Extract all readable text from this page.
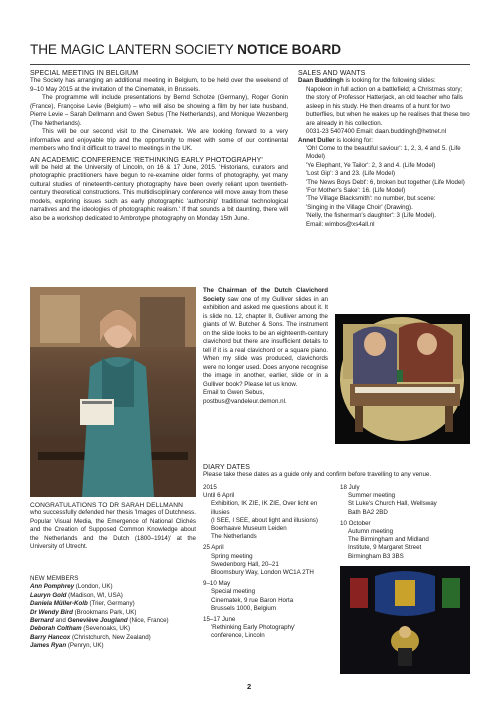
THE MAGIC LANTERN SOCIETY NOTICE BOARD

SPECIAL MEETING IN BELGIUM

The Society has arranging an additional meeting in Belgium, to be held over the weekend of 9–10 May 2015 at the invitation of the Cinematek, in Brussels.

The programme will include presentations by Bernd Scholze (Germany), Roger Gonin (France), Françoise Levie (Belgium) – who will also be showing a film by her late husband, Pierre Levie – Sarah Dellmann and Gwen Sebus (The Netherlands), and Monique Wezenberg (The Netherlands).

This will be our second visit to the Cinematek. We are looking forward to a very informative and enjoyable trip and the opportunity to meet with some of our continental members who find it difficult to travel to meetings in the UK.

AN ACADEMIC CONFERENCE 'RETHINKING EARLY PHOTOGRAPHY'

will be held at the University of Lincoln, on 16 & 17 June, 2015. 'Historians, curators and photographic practitioners have begun to re-examine older forms of photography, yet many cultural studies of nineteenth-century photography have been overly reliant upon twentieth-century theoretical constructions. This multidisciplinary conference will move away from these models, exploring issues such as early photographic 'authorship' traditional technological narratives and the ideologies of photographic realism.' If that sounds a bit daunting, there will also be a workshop dedicated to Ambrotype photography on Monday 15th June.

SALES AND WANTS

Daan Buddingh is looking for the following slides:

Napoleon in full action on a battlefield; a Christmas story; the story of Professor Hatterjack, an old teacher who falls asleep in his study. He then dreams of a hunt for two butterflies, but when he wakes up he realises that these two are already in his collection.

0031-23 5407400 Email: daan.buddingh@hetnet.nl

Annet Duller is looking for:

'Oh! Come to the beautiful saviour': 1, 2, 3, 4 and 5. (Life Model)

'Ye Elephant, Ye Tailor': 2, 3 and 4. (Life Model)

'Lost Gip': 3 and 23. (Life Model)

'The News Boys Debt': 6, broken but together (Life Model)

'For Mother's Sake': 16. (Life Model)

'The Village Blacksmith': no number, but scene:

'Singing in the Village Choir' (Drawing).

'Nelly, the fisherman's daughter': 3 (Life Model).

Email: wimbos@xs4all.nl

The Chairman of the Dutch Clavichord Society saw one of my Gulliver slides in an exhibition and asked me questions about it. It is slide no. 12, chapter II, Gulliver among the giants of W. Butcher & Sons. The instrument on the slide looks to be an eighteenth-century clavichord but there are insufficient details to tell if it is a real clavichord or a square piano. When my slide was produced, clavichords were no longer used. Does anyone recognise the image in another, earlier, slide or in a Gulliver book? Please let us know.

Email to Gwen Sebus,

postbus@vandeleur.demon.nl.

DIARY DATES

Please take these dates as a guide only and confirm before travelling to any venue.

2015

Until 6 April

Exhibition, IK ZIE, IK ZIE, Over licht en illusies

(I SEE, I SEE, about light and illusions)

Boerhaave Museum Leiden

The Netherlands

25 April

Spring meeting

Swedenborg Hall, 20–21

Bloomsbury Way, London WC1A 2TH

9–10 May

Special meeting

Cinematek, 9 rue Baron Horta

Brussels 1000, Belgium

15–17 June

'Rethinking Early Photography'

conference, Lincoln

18 July

Summer meeting

St Luke's Church Hall, Wellsway

Bath BA2 2BD

10 October

Autumn meeting

The Birmingham and Midland

Institute, 9 Margaret Street

Birmingham B3 3BS

CONGRATULATIONS TO DR SARAH DELLMANN

who successfully defended her thesis 'Images of Dutchness. Popular Visual Media, the Emergence of National Clichés and the Creation of Supposed Common Knowledge about the Netherlands and the Dutch (1800–1914)' at the University of Utrecht.

NEW MEMBERS

Ann Pomphrey (London, UK)

Lauryn Gold (Madison, WI, USA)

Daniela Müller-Kolb (Trier, Germany)

Dr Wendy Bird (Brookmans Park, UK)

Bernard and Geneviève Jougland (Nice, France)

Deborah Coltham (Sevenoaks, UK)

Barry Hancox (Christchurch, New Zealand)

James Ryan (Penryn, UK)

2
